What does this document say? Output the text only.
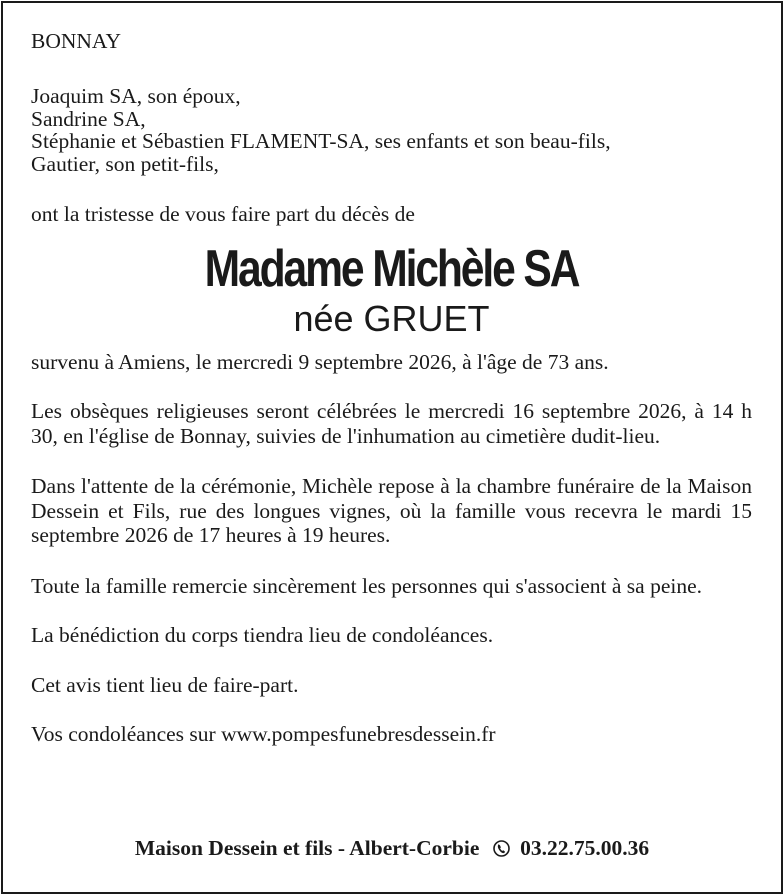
BONNAY
Joaquim SA, son époux,
Sandrine SA,
Stéphanie et Sébastien FLAMENT-SA, ses enfants et son beau-fils,
Gautier, son petit-fils,
ont la tristesse de vous faire part du décès de
Madame Michèle SA
née GRUET
survenu à Amiens, le mercredi 9 septembre 2026, à l'âge de 73 ans.
Les obsèques religieuses seront célébrées le mercredi 16 septembre 2026, à 14 h 30, en l'église de Bonnay, suivies de l'inhumation au cimetière dudit-lieu.
Dans l'attente de la cérémonie, Michèle repose à la chambre funéraire de la Maison Dessein et Fils, rue des longues vignes, où la famille vous recevra le mardi 15 septembre 2026 de 17 heures à 19 heures.
Toute la famille remercie sincèrement les personnes qui s'associent à sa peine.
La bénédiction du corps tiendra lieu de condoléances.
Cet avis tient lieu de faire-part.
Vos condoléances sur www.pompesfunebresdessein.fr
Maison Dessein et fils - Albert-Corbie 03.22.75.00.36
